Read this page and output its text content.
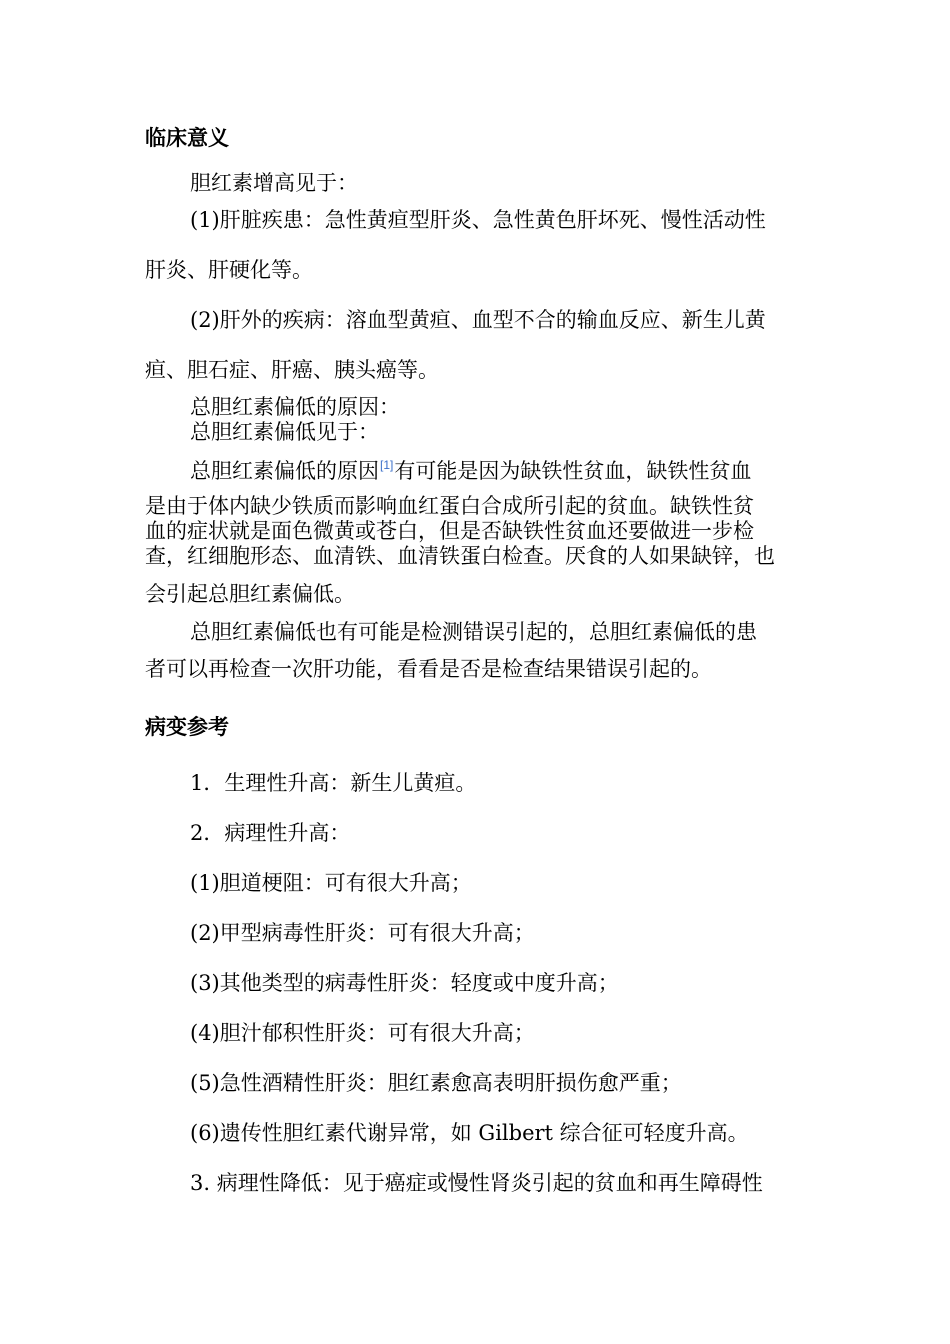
临床意义
胆红素增高见于：
(1)肝脏疾患：急性黄疸型肝炎、急性黄色肝坏死、慢性活动性
肝炎、肝硬化等。
(2)肝外的疾病：溶血型黄疸、血型不合的输血反应、新生儿黄
疸、胆石症、肝癌、胰头癌等。
总胆红素偏低的原因：
总胆红素偏低见于：
总胆红素偏低的原因[1]有可能是因为缺铁性贫血，缺铁性贫血
是由于体内缺少铁质而影响血红蛋白合成所引起的贫血。缺铁性贫
血的症状就是面色微黄或苍白，但是否缺铁性贫血还要做进一步检
查，红细胞形态、血清铁、血清铁蛋白检查。厌食的人如果缺锌，也
会引起总胆红素偏低。
总胆红素偏低也有可能是检测错误引起的，总胆红素偏低的患
者可以再检查一次肝功能，看看是否是检查结果错误引起的。
病变参考
1．生理性升高：新生儿黄疸。
2．病理性升高：
(1)胆道梗阻：可有很大升高；
(2)甲型病毒性肝炎：可有很大升高；
(3)其他类型的病毒性肝炎：轻度或中度升高；
(4)胆汁郁积性肝炎：可有很大升高；
(5)急性酒精性肝炎：胆红素愈高表明肝损伤愈严重；
(6)遗传性胆红素代谢异常，如 Gilbert 综合征可轻度升高。
3. 病理性降低：见于癌症或慢性肾炎引起的贫血和再生障碍性
